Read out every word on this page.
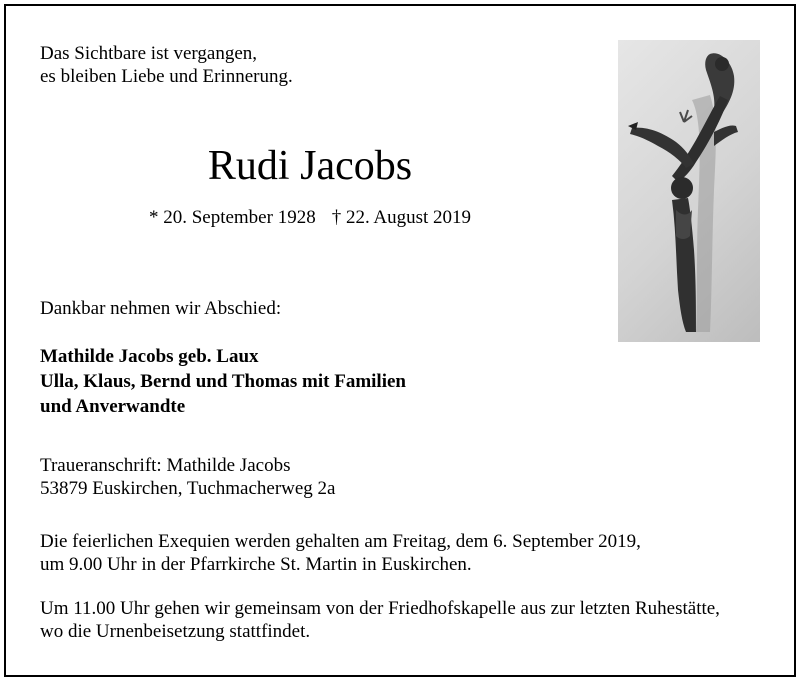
Das Sichtbare ist vergangen,
es bleiben Liebe und Erinnerung.
Rudi Jacobs
* 20. September 1928 † 22. August 2019
Dankbar nehmen wir Abschied:
Mathilde Jacobs geb. Laux
Ulla, Klaus, Bernd und Thomas mit Familien
und Anverwandte
Traueranschrift: Mathilde Jacobs
53879 Euskirchen, Tuchmacherweg 2a
Die feierlichen Exequien werden gehalten am Freitag, dem 6. September 2019,
um 9.00 Uhr in der Pfarrkirche St. Martin in Euskirchen.
Um 11.00 Uhr gehen wir gemeinsam von der Friedhofskapelle aus zur letzten Ruhestätte,
wo die Urnenbeisetzung stattfindet.
